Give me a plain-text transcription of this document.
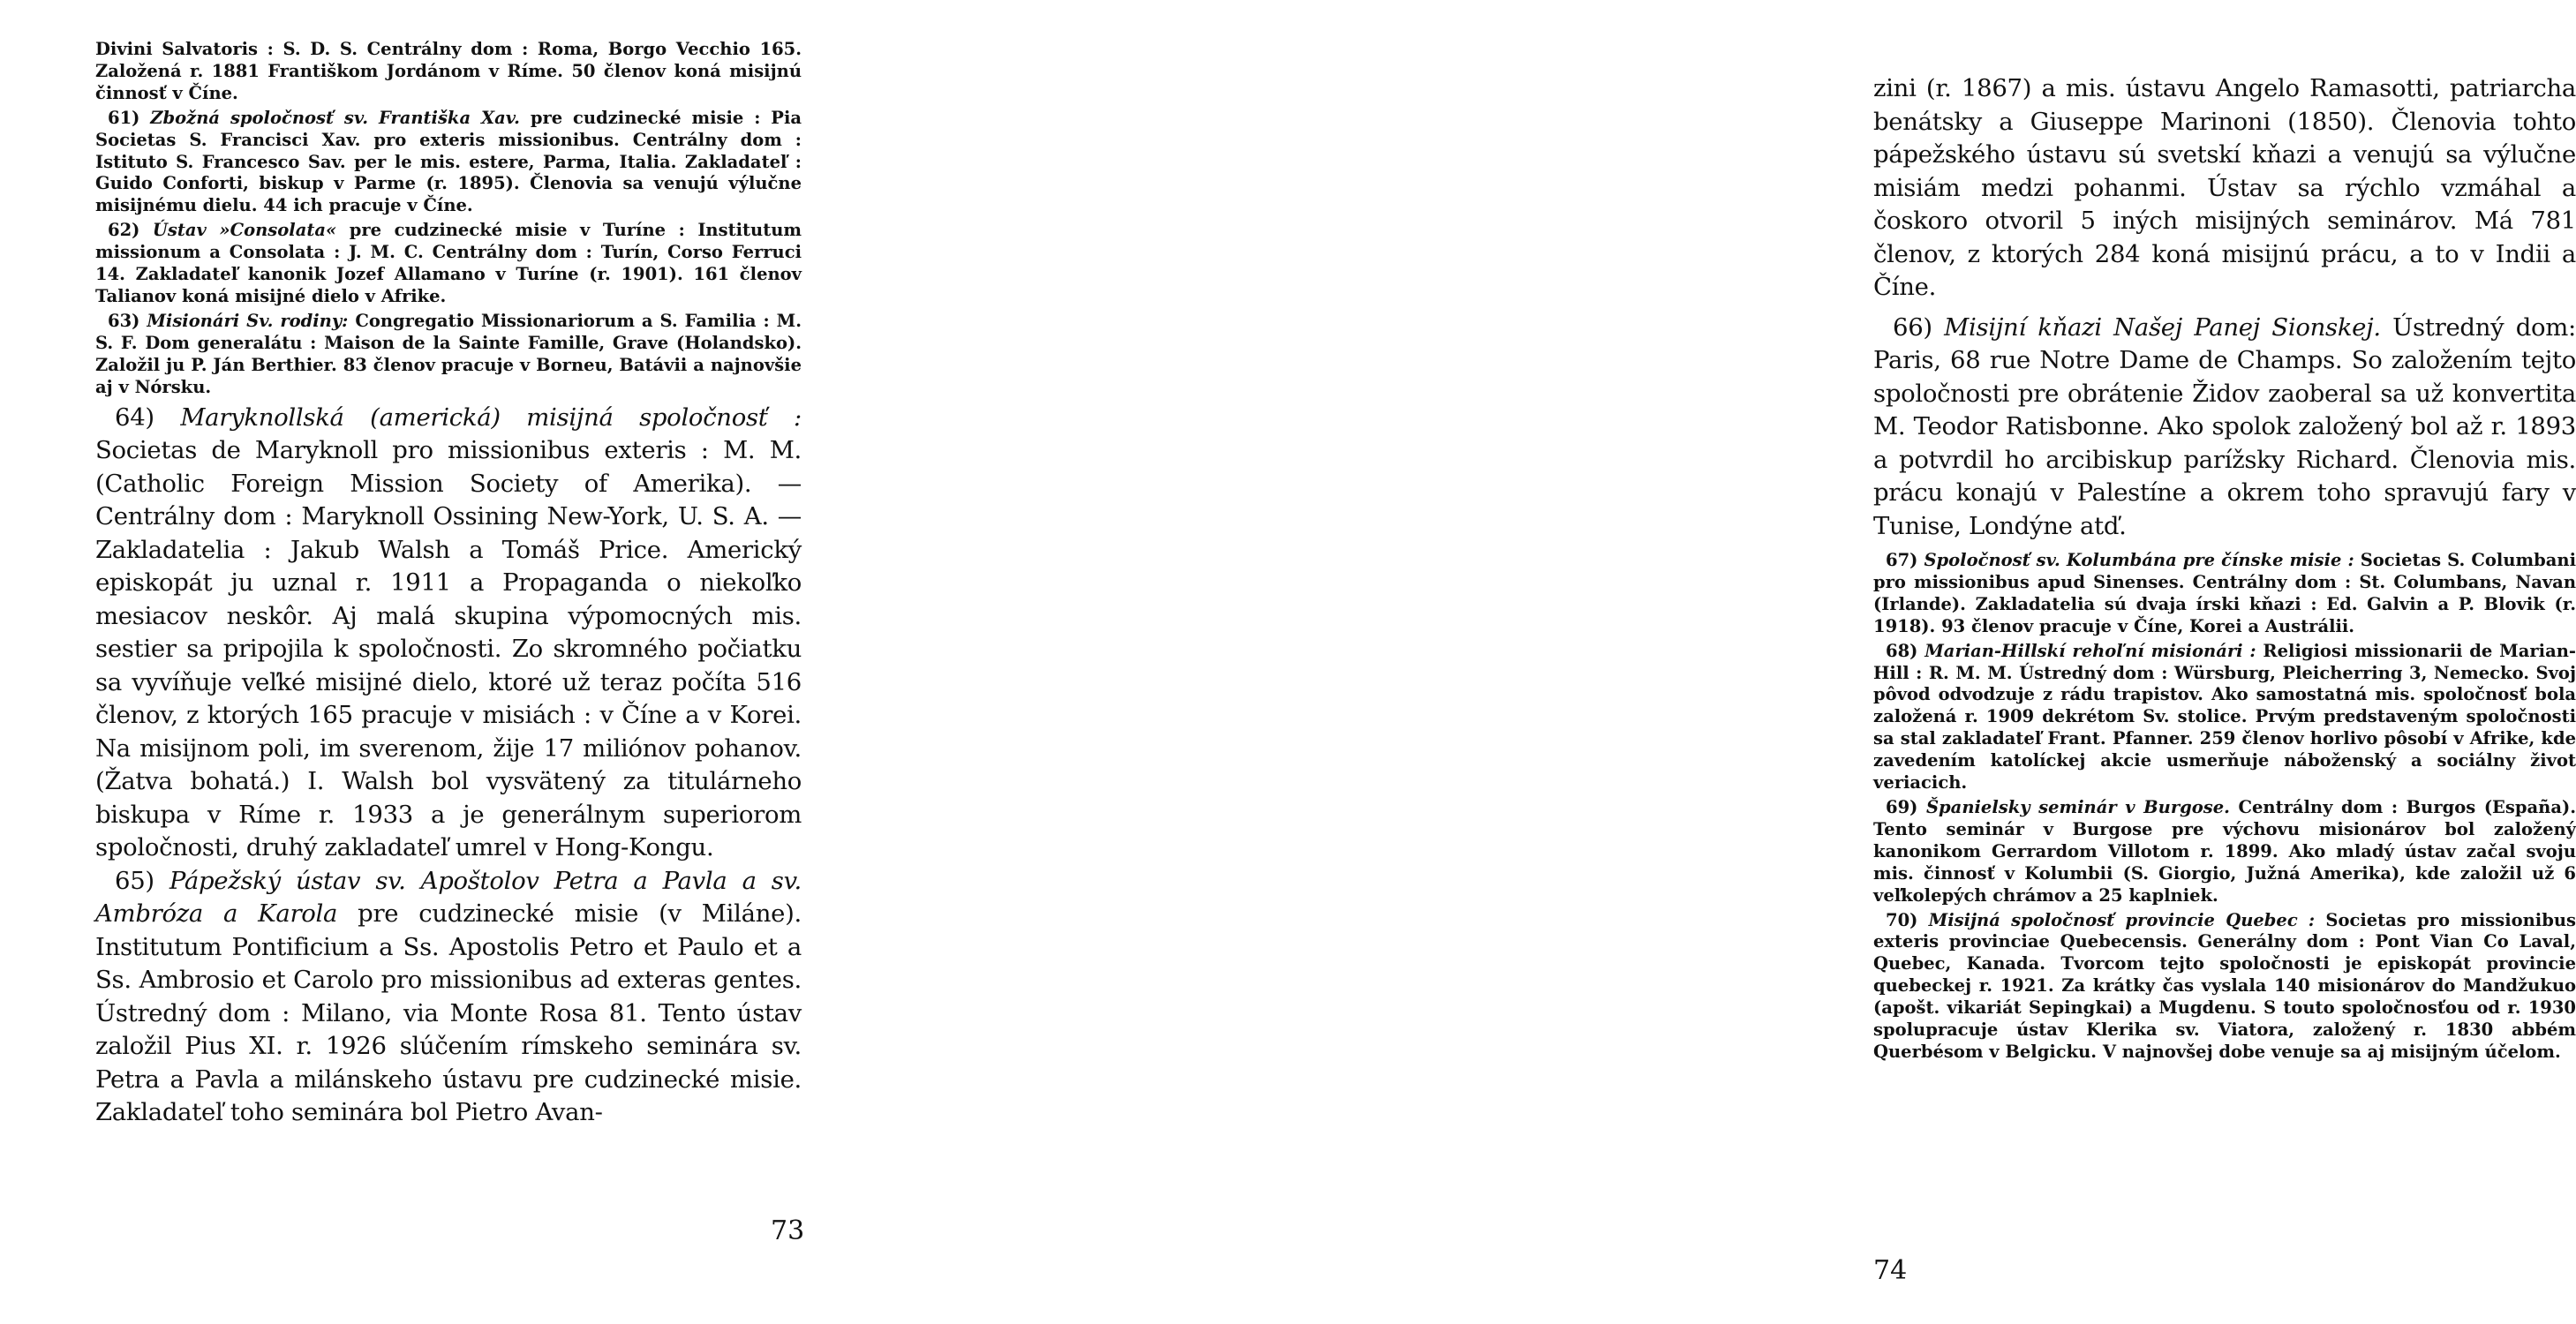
Divini Salvatoris : S. D. S. Centrálny dom : Roma, Borgo Vecchio 165. Založená r. 1881 Františkom Jordánom v Ríme. 50 členov koná misijnú činnosť v Číne.

61) Zbožná spoločnosť sv. Františka Xav. pre cudzinecké misie : Pia Societas S. Francisci Xav. pro exteris missionibus. Centrálny dom : Istituto S. Francesco Sav. per le mis. estere, Parma, Italia. Zakladateľ : Guido Conforti, biskup v Parme (r. 1895). Členovia sa venujú výlučne misijnému dielu. 44 ich pracuje v Číne.

62) Ústav »Consolata« pre cudzinecké misie v Turíne : Institutum missionum a Consolata : J. M. C. Centrálny dom : Turín, Corso Ferruci 14. Zakladateľ kanonik Jozef Allamano v Turíne (r. 1901). 161 členov Talianov koná misijné dielo v Afrike.

63) Misionári Sv. rodiny: Congregatio Missionariorum a S. Familia : M. S. F. Dom generalátu : Maison de la Sainte Famille, Grave (Holandsko). Založil ju P. Ján Berthier. 83 členov pracuje v Borneu, Batávii a najnovšie aj v Nórsku.

64) Maryknollská (americká) misijná spoločnosť : Societas de Maryknoll pro missionibus exteris : M. M. (Catholic Foreign Mission Society of Amerika). — Centrálny dom : Maryknoll Ossining New-York, U. S. A. — Zakladatelia : Jakub Walsh a Tomáš Price. Americký episkopát ju uznal r. 1911 a Propaganda o niekoľko mesiacov neskôr. Aj malá skupina výpomocných mis. sestier sa pripojila k spoločnosti. Zo skromného počiatku sa vyvíňuje veľké misijné dielo, ktoré už teraz počíta 516 členov, z ktorých 165 pracuje v misiách : v Číne a v Korei. Na misijnom poli, im sverenom, žije 17 miliónov pohanov. (Žatva bohatá.) I. Walsh bol vysvätený za titulárneho biskupa v Ríme r. 1933 a je generálnym superiorom spoločnosti, druhý zakladateľ umrel v Hong-Kongu.

65) Pápežský ústav sv. Apoštolov Petra a Pavla a sv. Ambróza a Karola pre cudzinecké misie (v Miláne). Institutum Pontificium a Ss. Apostolis Petro et Paulo et a Ss. Ambrosio et Carolo pro missionibus ad exteras gentes. Ústredný dom : Milano, via Monte Rosa 81. Tento ústav založil Pius XI. r. 1926 slúčením rímskeho seminára sv. Petra a Pavla a milánskeho ústavu pre cudzinecké misie. Zakladateľ toho seminára bol Pietro Avan-

73

zini (r. 1867) a mis. ústavu Angelo Ramasotti, patriarcha benátsky a Giuseppe Marinoni (1850). Členovia tohto pápežského ústavu sú svetskí kňazi a venujú sa výlučne misiám medzi pohanmi. Ústav sa rýchlo vzmáhal a čoskoro otvoril 5 iných misijných seminárov. Má 781 členov, z ktorých 284 koná misijnú prácu, a to v Indii a Číne.

66) Misijní kňazi Našej Panej Sionskej. Ústredný dom: Paris, 68 rue Notre Dame de Champs. So založením tejto spoločnosti pre obrátenie Židov zaoberal sa už konvertita M. Teodor Ratisbonne. Ako spolok založený bol až r. 1893 a potvrdil ho arcibiskup parížsky Richard. Členovia mis. prácu konajú v Palestíne a okrem toho spravujú fary v Tunise, Londýne atď.

67) Spoločnosť sv. Kolumbána pre čínske misie : Societas S. Columbani pro missionibus apud Sinenses. Centrálny dom : St. Columbans, Navan (Irlande). Zakladatelia sú dvaja írski kňazi : Ed. Galvin a P. Blovik (r. 1918). 93 členov pracuje v Číne, Korei a Austrálii.

68) Marian-Hillskí rehoľní misionári : Religiosi missionarii de Marian-Hill : R. M. M. Ústredný dom : Würsburg, Pleicherring 3, Nemecko. Svoj pôvod odvodzuje z rádu trapistov. Ako samostatná mis. spoločnosť bola založená r. 1909 dekrétom Sv. stolice. Prvým predstaveným spoločnosti sa stal zakladateľ Frant. Pfanner. 259 členov horlivo pôsobí v Afrike, kde zavedením katolíckej akcie usmerňuje náboženský a sociálny život veriacich.

69) Španielsky seminár v Burgose. Centrálny dom : Burgos (España). Tento seminár v Burgose pre výchovu misionárov bol založený kanonikom Gerrardom Villotom r. 1899. Ako mladý ústav začal svoju mis. činnosť v Kolumbii (S. Giorgio, Južná Amerika), kde založil už 6 veľkolepých chrámov a 25 kaplniek.

70) Misijná spoločnosť provincie Quebec : Societas pro missionibus exteris provinciae Quebecensis. Generálny dom : Pont Vian Co Laval, Quebec, Kanada. Tvorcom tejto spoločnosti je episkopát provincie quebeckej r. 1921. Za krátky čas vyslala 140 misionárov do Mandžukuo (apošt. vikariát Sepingkai) a Mugdenu. S touto spoločnosťou od r. 1930 spolupracuje ústav Klerika sv. Viatora, založený r. 1830 abbém Querbésom v Belgicku. V najnovšej dobe venuje sa aj misijným účelom.

74
